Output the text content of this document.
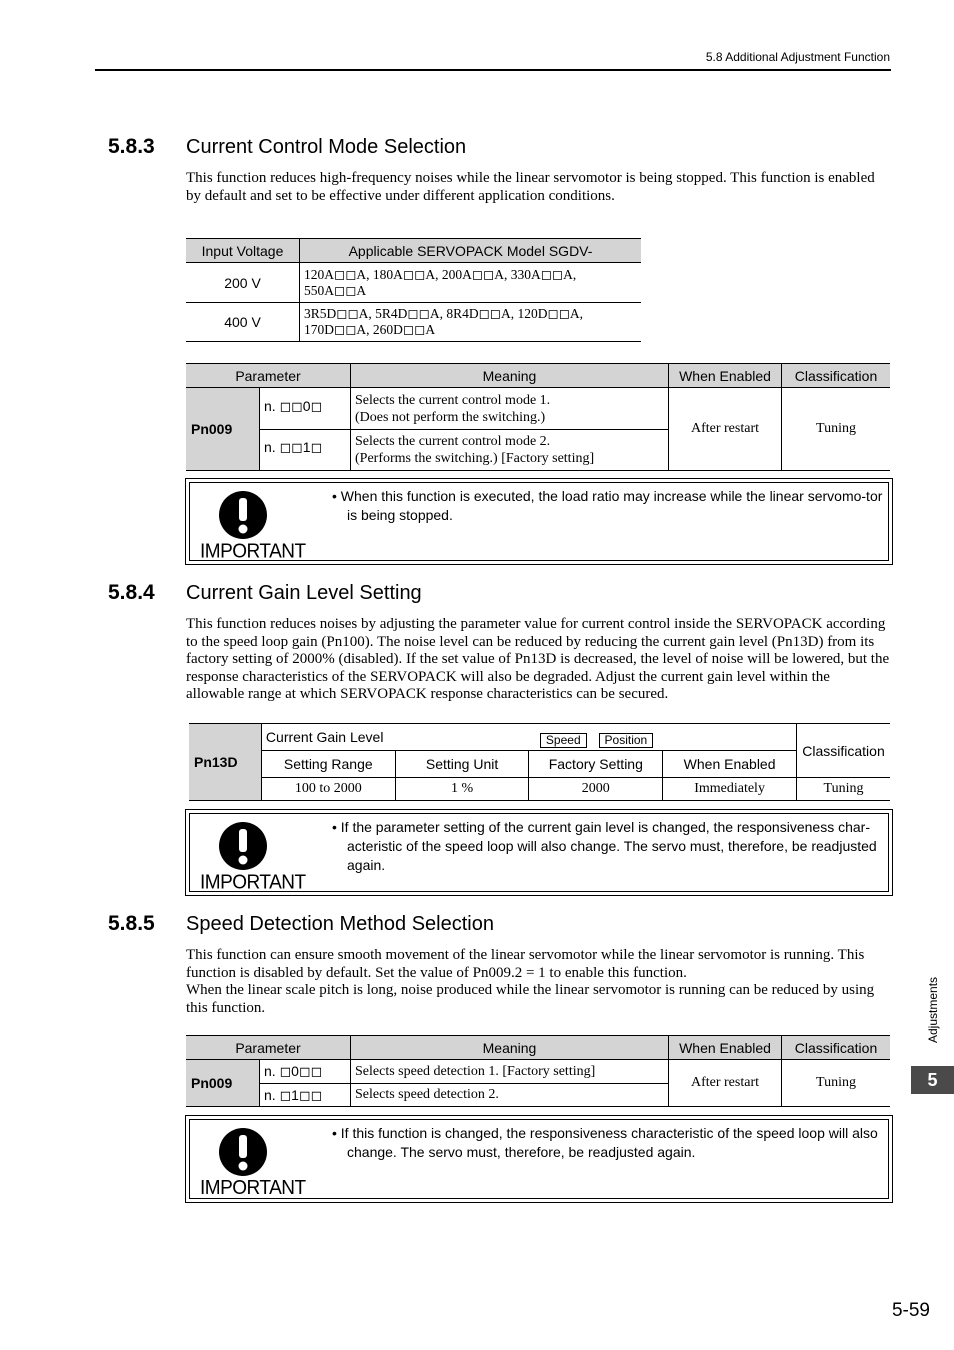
5.8 Additional Adjustment Function
5.8.3 Current Control Mode Selection
This function reduces high-frequency noises while the linear servomotor is being stopped. This function is enabled by default and set to be effective under different application conditions.
Input Voltage	Applicable SERVOPACK Model SGDV-
200 V	120A◻◻A, 180A◻◻A, 200A◻◻A, 330A◻◻A,
550A◻◻A

400 V	3R5D◻◻A, 5R4D◻◻A, 8R4D◻◻A, 120D◻◻A,
170D◻◻A, 260D◻◻A
Parameter		Meaning	When Enabled	Classification
Pn009	n. ◻◻0◻	Selects the current control mode 1.
(Does not perform the switching.)	After restart	Tuning
	n. ◻◻1◻	Selects the current control mode 2.
(Performs the switching.) [Factory setting]		
IMPORTANT
• When this function is executed, the load ratio may increase while the linear servomo-tor is being stopped.
5.8.4 Current Gain Level Setting
This function reduces noises by adjusting the parameter value for current control inside the SERVOPACK according to the speed loop gain (Pn100). The noise level can be reduced by reducing the current gain level (Pn13D) from its factory setting of 2000% (disabled). If the set value of Pn13D is decreased, the level of noise will be lowered, but the response characteristics of the SERVOPACK will also be degraded. Adjust the current gain level within the allowable range at which SERVOPACK response characteristics can be secured.
Pn13D	Current Gain Level Speed Position				Classification
	Setting Range	Setting Unit	Factory Setting	When Enabled	
	100 to 2000	1 %	2000	Immediately	Tuning
IMPORTANT
• If the parameter setting of the current gain level is changed, the responsiveness char-acteristic of the speed loop will also change. The servo must, therefore, be readjusted again.
5.8.5 Speed Detection Method Selection
This function can ensure smooth movement of the linear servomotor while the linear servomotor is running. This function is disabled by default. Set the value of Pn009.2 = 1 to enable this function.
When the linear scale pitch is long, noise produced while the linear servomotor is running can be reduced by using this function.
Parameter		Meaning	When Enabled	Classification
Pn009	n. ◻0◻◻	Selects speed detection 1. [Factory setting]	After restart	Tuning
	n. ◻1◻◻	Selects speed detection 2.		
IMPORTANT
• If this function is changed, the responsiveness characteristic of the speed loop will also change. The servo must, therefore, be readjusted again.
Adjustments
5
5-59
